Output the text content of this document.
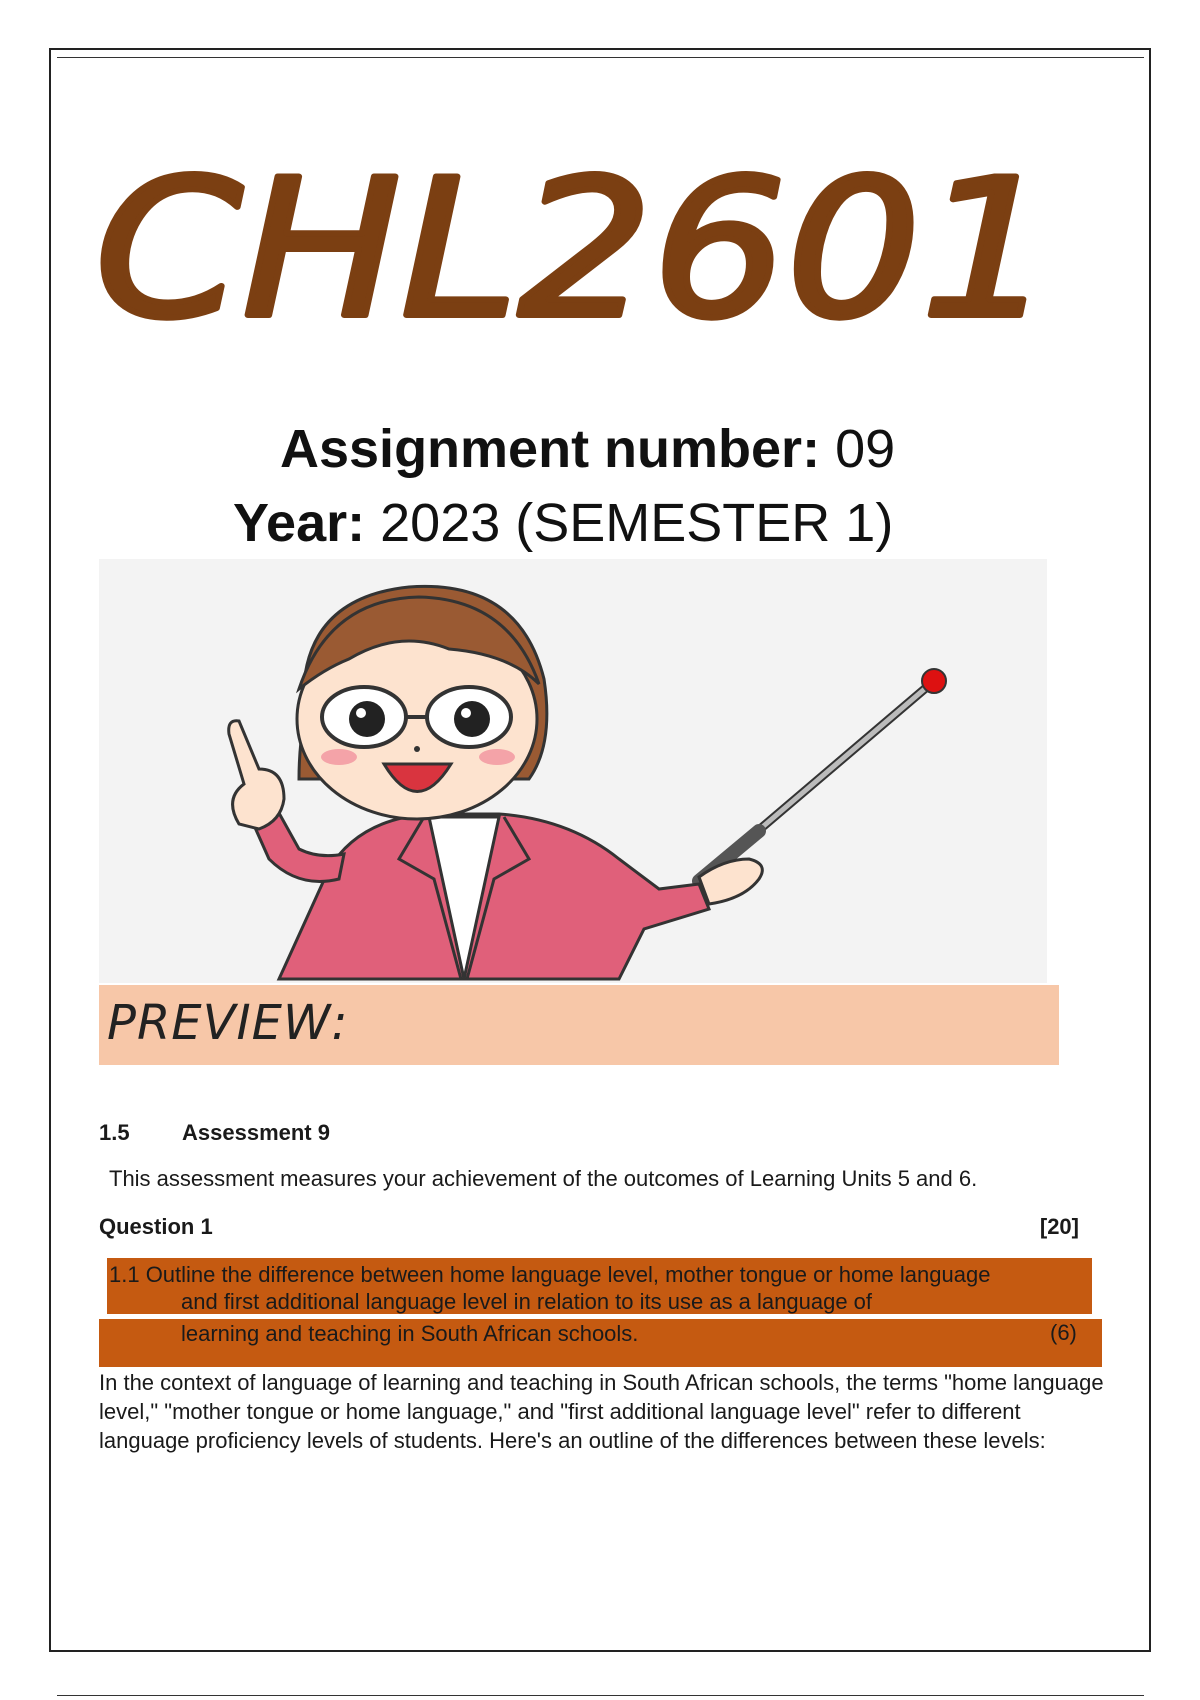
CHL2601
Assignment number: 09
Year: 2023 (SEMESTER 1)
PREVIEW:
1.5 Assessment 9
This assessment measures your achievement of the outcomes of Learning Units 5 and 6.
Question 1	[20]
1.1 Outline the difference between home language level, mother tongue or home language
and first additional language level in relation to its use as a language of
learning and teaching in South African schools.	(6)
In the context of language of learning and teaching in South African schools, the terms "home language level," "mother tongue or home language," and "first additional language level" refer to different language proficiency levels of students. Here's an outline of the differences between these levels:
